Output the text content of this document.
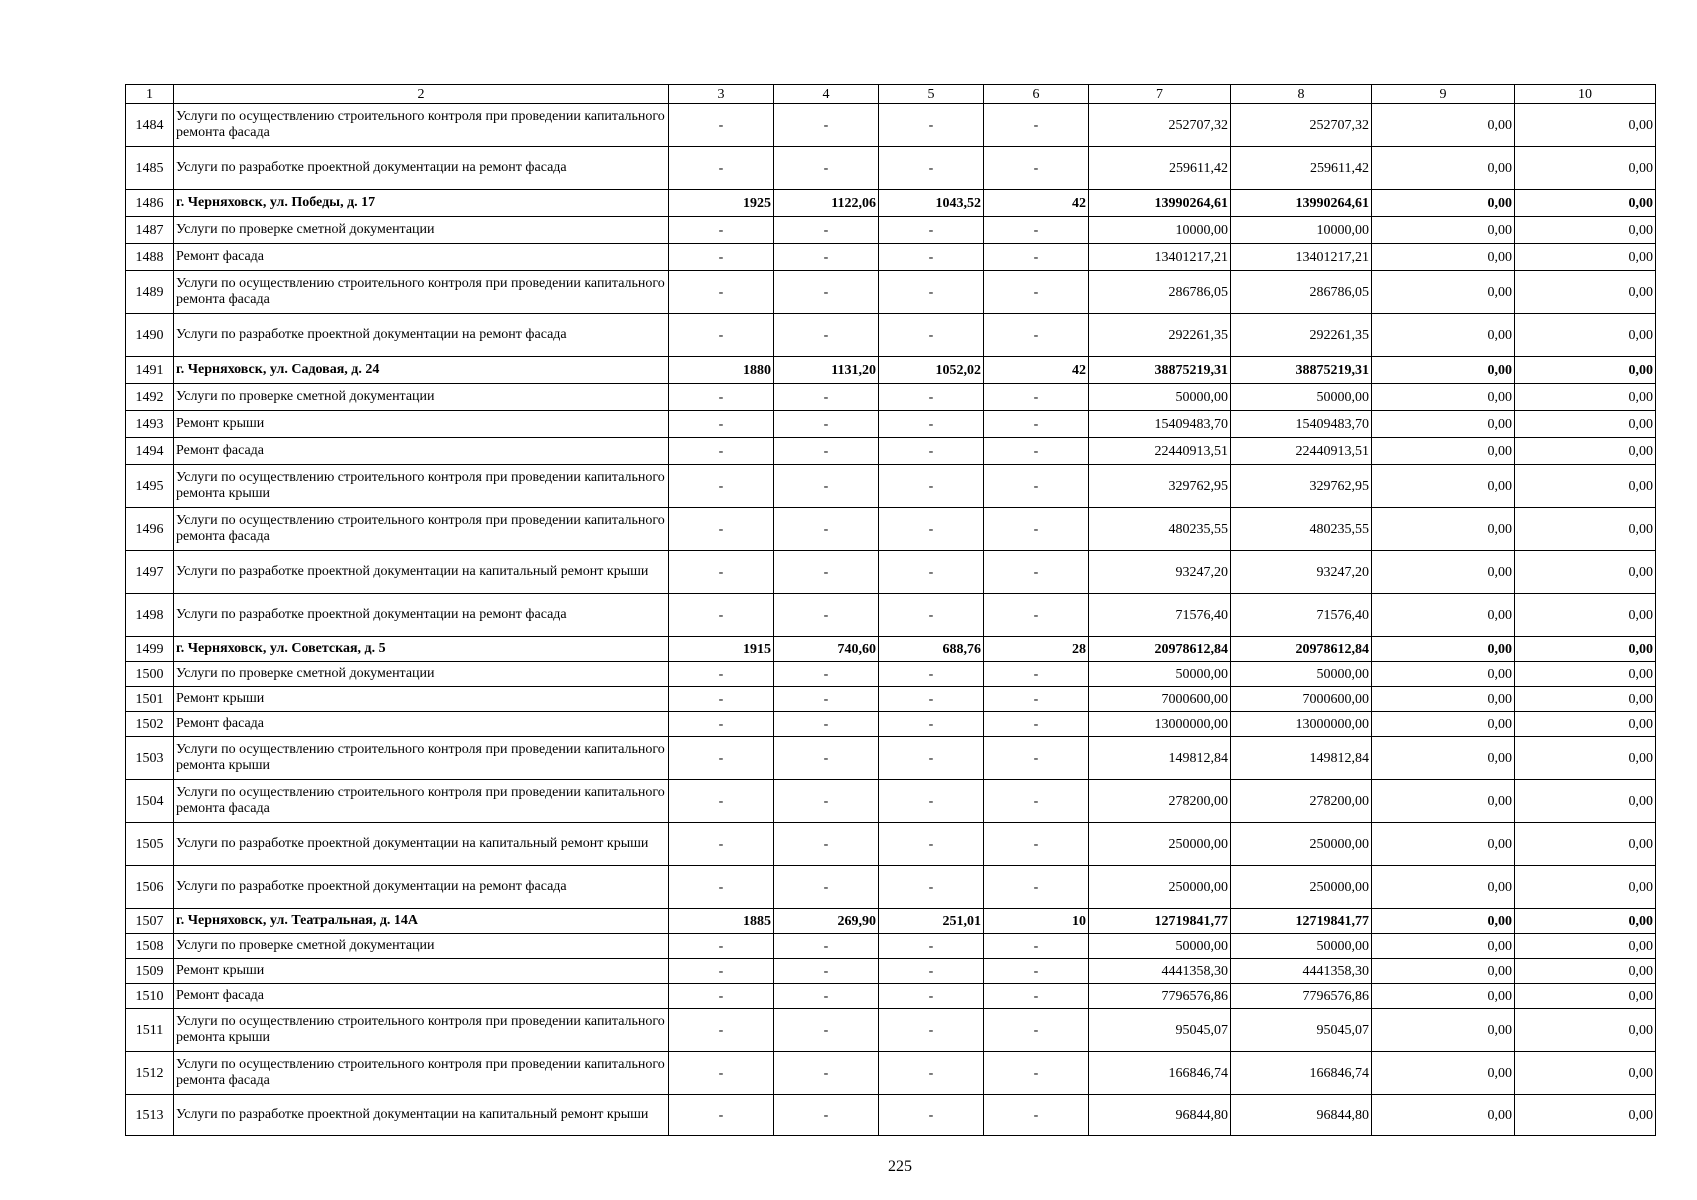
1	2	3	4	5	6	7	8	9	10
1484	Услуги по осуществлению строительного контроля при проведении капитального ремонта фасада	-	-	-	-	252707,32	252707,32	0,00	0,00
1485	Услуги по разработке проектной документации на ремонт фасада	-	-	-	-	259611,42	259611,42	0,00	0,00
1486	г. Черняховск, ул. Победы, д. 17	1925	1122,06	1043,52	42	13990264,61	13990264,61	0,00	0,00
1487	Услуги по проверке сметной документации	-	-	-	-	10000,00	10000,00	0,00	0,00
1488	Ремонт фасада	-	-	-	-	13401217,21	13401217,21	0,00	0,00
1489	Услуги по осуществлению строительного контроля при проведении капитального ремонта фасада	-	-	-	-	286786,05	286786,05	0,00	0,00
1490	Услуги по разработке проектной документации на ремонт фасада	-	-	-	-	292261,35	292261,35	0,00	0,00
1491	г. Черняховск, ул. Садовая, д. 24	1880	1131,20	1052,02	42	38875219,31	38875219,31	0,00	0,00
1492	Услуги по проверке сметной документации	-	-	-	-	50000,00	50000,00	0,00	0,00
1493	Ремонт крыши	-	-	-	-	15409483,70	15409483,70	0,00	0,00
1494	Ремонт фасада	-	-	-	-	22440913,51	22440913,51	0,00	0,00
1495	Услуги по осуществлению строительного контроля при проведении капитального ремонта крыши	-	-	-	-	329762,95	329762,95	0,00	0,00
1496	Услуги по осуществлению строительного контроля при проведении капитального ремонта фасада	-	-	-	-	480235,55	480235,55	0,00	0,00
1497	Услуги по разработке проектной документации на капитальный ремонт крыши	-	-	-	-	93247,20	93247,20	0,00	0,00
1498	Услуги по разработке проектной документации на ремонт фасада	-	-	-	-	71576,40	71576,40	0,00	0,00
1499	г. Черняховск, ул. Советская, д. 5	1915	740,60	688,76	28	20978612,84	20978612,84	0,00	0,00
1500	Услуги по проверке сметной документации	-	-	-	-	50000,00	50000,00	0,00	0,00
1501	Ремонт крыши	-	-	-	-	7000600,00	7000600,00	0,00	0,00
1502	Ремонт фасада	-	-	-	-	13000000,00	13000000,00	0,00	0,00
1503	Услуги по осуществлению строительного контроля при проведении капитального ремонта крыши	-	-	-	-	149812,84	149812,84	0,00	0,00
1504	Услуги по осуществлению строительного контроля при проведении капитального ремонта фасада	-	-	-	-	278200,00	278200,00	0,00	0,00
1505	Услуги по разработке проектной документации на капитальный ремонт крыши	-	-	-	-	250000,00	250000,00	0,00	0,00
1506	Услуги по разработке проектной документации на ремонт фасада	-	-	-	-	250000,00	250000,00	0,00	0,00
1507	г. Черняховск, ул. Театральная, д. 14А	1885	269,90	251,01	10	12719841,77	12719841,77	0,00	0,00
1508	Услуги по проверке сметной документации	-	-	-	-	50000,00	50000,00	0,00	0,00
1509	Ремонт крыши	-	-	-	-	4441358,30	4441358,30	0,00	0,00
1510	Ремонт фасада	-	-	-	-	7796576,86	7796576,86	0,00	0,00
1511	Услуги по осуществлению строительного контроля при проведении капитального ремонта крыши	-	-	-	-	95045,07	95045,07	0,00	0,00
1512	Услуги по осуществлению строительного контроля при проведении капитального ремонта фасада	-	-	-	-	166846,74	166846,74	0,00	0,00
1513	Услуги по разработке проектной документации на капитальный ремонт крыши	-	-	-	-	96844,80	96844,80	0,00	0,00
225
